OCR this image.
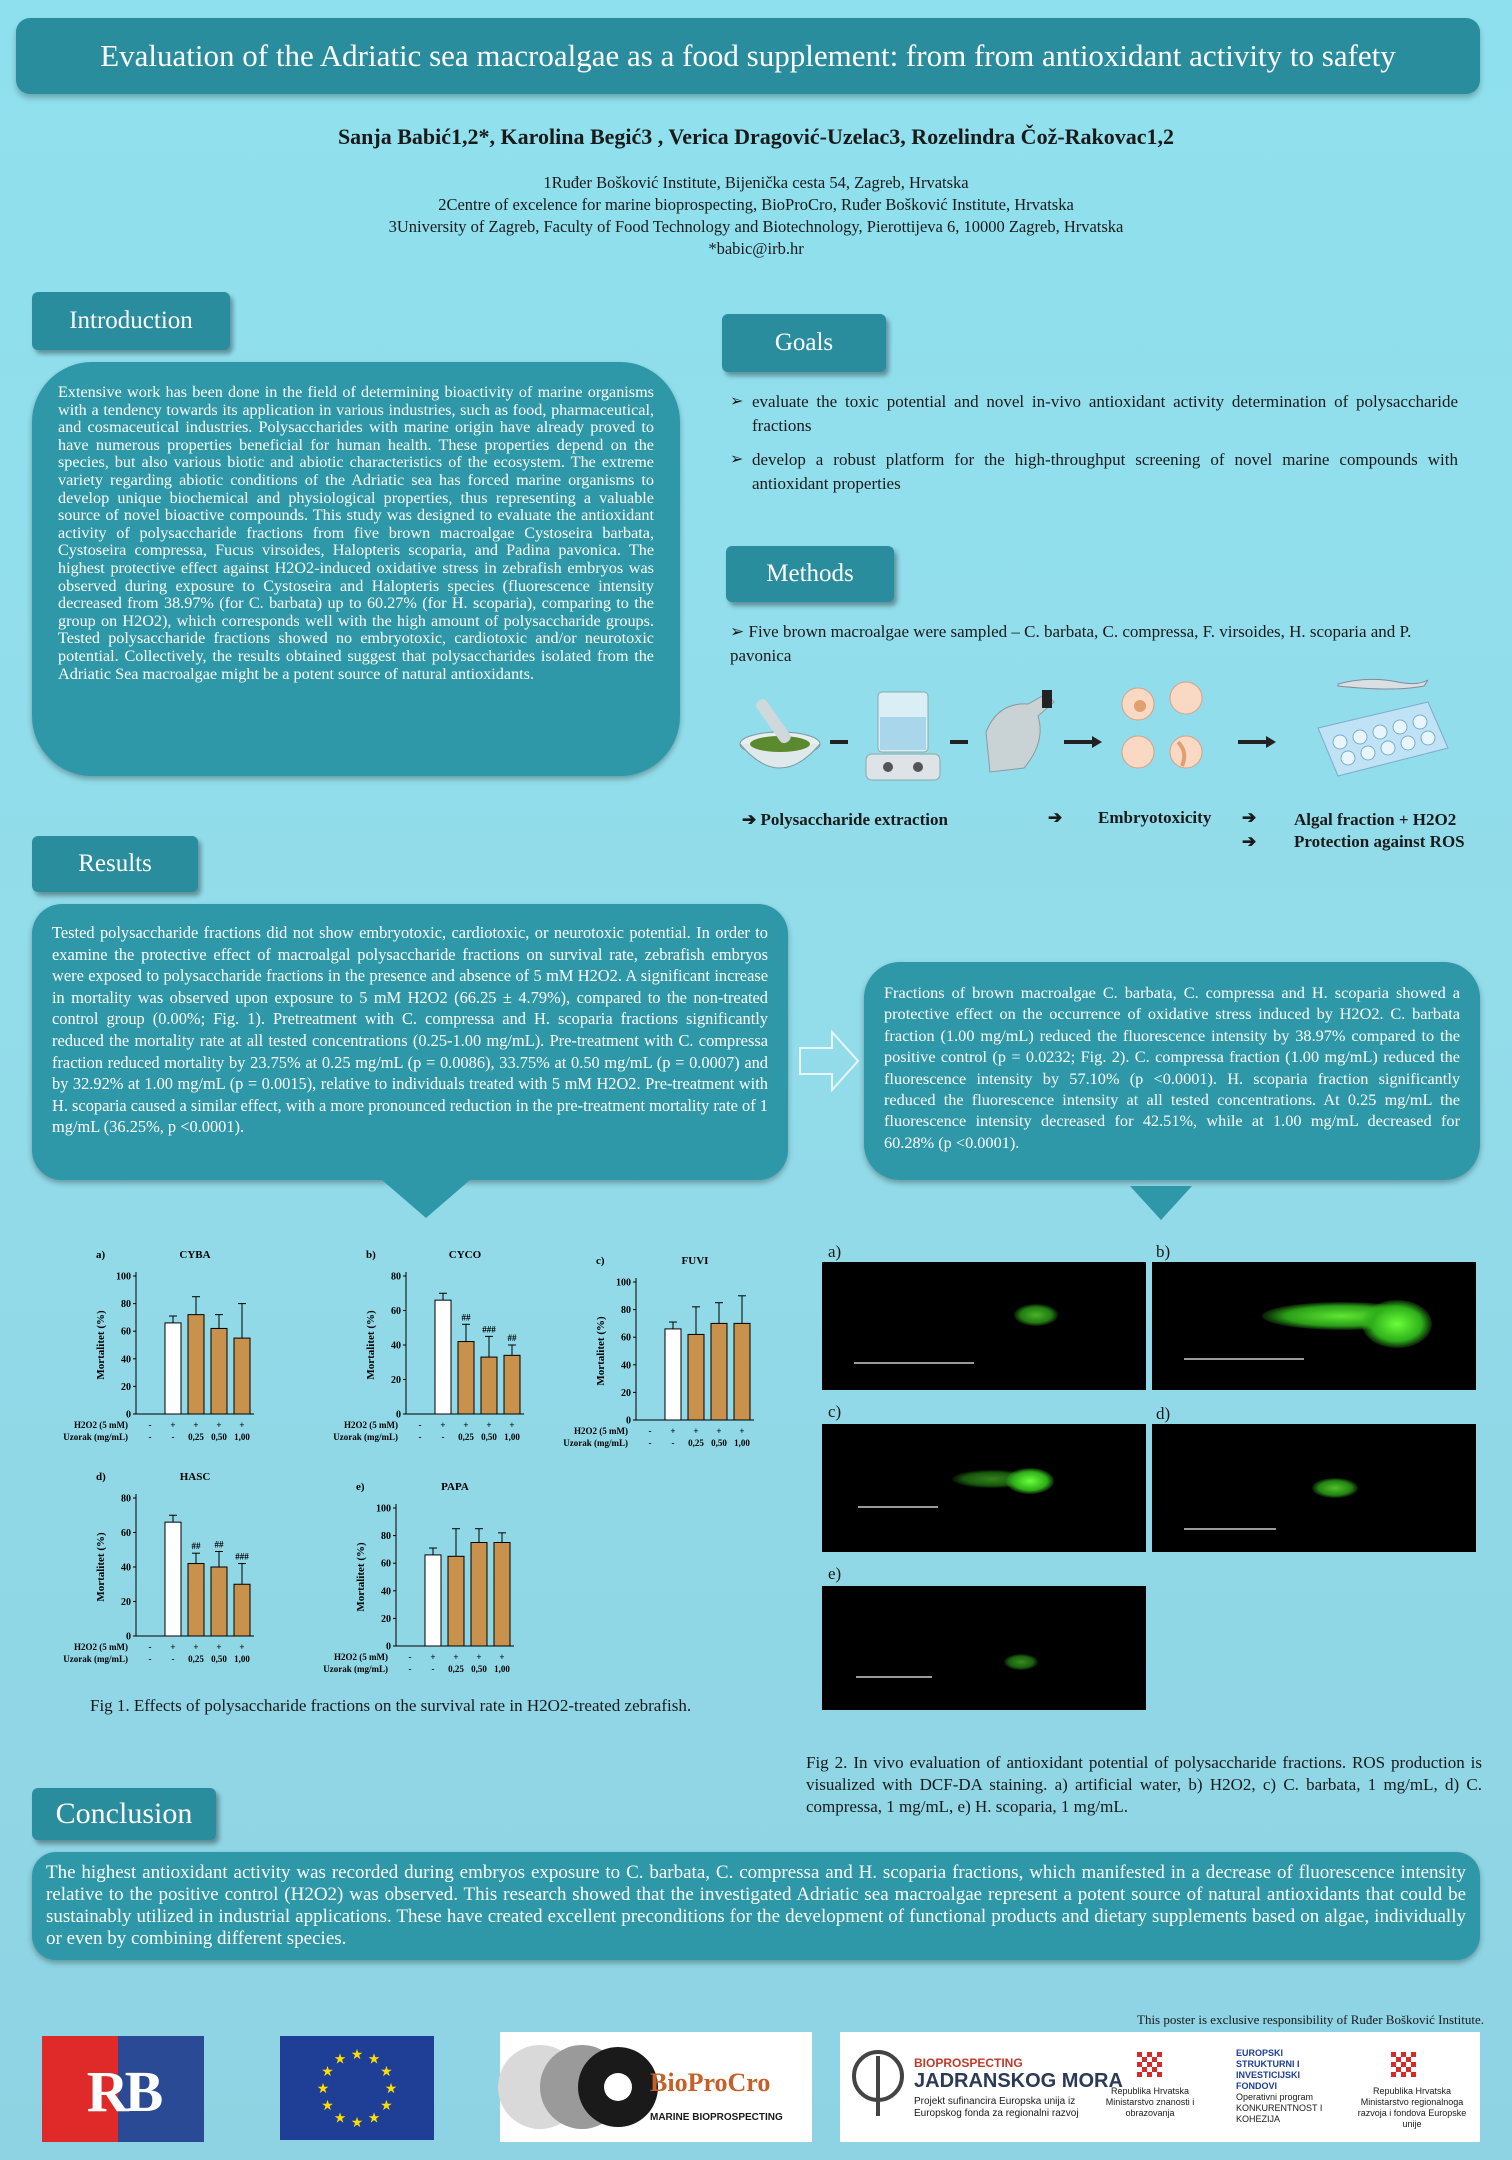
Evaluation of the Adriatic sea macroalgae as a food supplement: from from antioxidant activity to safety
Sanja Babić1,2*, Karolina Begić3 , Verica Dragović-Uzelac3, Rozelindra Čož-Rakovac1,2
1Ruđer Bošković Institute, Bijenička cesta 54, Zagreb, Hrvatska
2Centre of excelence for marine bioprospecting, BioProCro, Ruđer Bošković Institute, Hrvatska
3University of Zagreb, Faculty of Food Technology and Biotechnology, Pierottijeva 6, 10000 Zagreb, Hrvatska
*babic@irb.hr
Introduction
Extensive work has been done in the field of determining bioactivity of marine organisms with a tendency towards its application in various industries, such as food, pharmaceutical, and cosmaceutical industries. Polysaccharides with marine origin have already proved to have numerous properties beneficial for human health. These properties depend on the species, but also various biotic and abiotic characteristics of the ecosystem. The extreme variety regarding abiotic conditions of the Adriatic sea has forced marine organisms to develop unique biochemical and physiological properties, thus representing a valuable source of novel bioactive compounds. This study was designed to evaluate the antioxidant activity of polysaccharide fractions from five brown macroalgae Cystoseira barbata, Cystoseira compressa, Fucus virsoides, Halopteris scoparia, and Padina pavonica. The highest protective effect against H2O2-induced oxidative stress in zebrafish embryos was observed during exposure to Cystoseira and Halopteris species (fluorescence intensity decreased from 38.97% (for C. barbata) up to 60.27% (for H. scoparia), comparing to the group on H2O2), which corresponds well with the high amount of polysaccharide groups. Tested polysaccharide fractions showed no embryotoxic, cardiotoxic and/or neurotoxic potential. Collectively, the results obtained suggest that polysaccharides isolated from the Adriatic Sea macroalgae might be a potent source of natural antioxidants.
Goals
➢ evaluate the toxic potential and novel in-vivo antioxidant activity determination of polysaccharide fractions
➢ develop a robust platform for the high-throughput screening of novel marine compounds with antioxidant properties
Methods
➢ Five brown macroalgae were sampled – C. barbata, C. compressa, F. virsoides, H. scoparia and P. pavonica
➔ Polysaccharide extraction	➔ Embryotoxicity ➔ Algal fraction + H2O2
➔ Protection against ROS
Results
Tested polysaccharide fractions did not show embryotoxic, cardiotoxic, or neurotoxic potential. In order to examine the protective effect of macroalgal polysaccharide fractions on survival rate, zebrafish embryos were exposed to polysaccharide fractions in the presence and absence of 5 mM H2O2. A significant increase in mortality was observed upon exposure to 5 mM H2O2 (66.25 ± 4.79%), compared to the non-treated control group (0.00%; Fig. 1). Pretreatment with C. compressa and H. scoparia fractions significantly reduced the mortality rate at all tested concentrations (0.25-1.00 mg/mL). Pre-treatment with C. compressa fraction reduced mortality by 23.75% at 0.25 mg/mL (p = 0.0086), 33.75% at 0.50 mg/mL (p = 0.0007) and by 32.92% at 1.00 mg/mL (p = 0.0015), relative to individuals treated with 5 mM H2O2. Pre-treatment with H. scoparia caused a similar effect, with a more pronounced reduction in the pre-treatment mortality rate of 1 mg/mL (36.25%, p <0.0001).
Fractions of brown macroalgae C. barbata, C. compressa and H. scoparia showed a protective effect on the occurrence of oxidative stress induced by H2O2. C. barbata fraction (1.00 mg/mL) reduced the fluorescence intensity by 38.97% compared to the positive control (p = 0.0232; Fig. 2). C. compressa fraction (1.00 mg/mL) reduced the fluorescence intensity by 57.10% (p <0.0001). H. scoparia fraction significantly reduced the fluorescence intensity at all tested concentrations. At 0.25 mg/mL the fluorescence intensity decreased for 42.51%, while at 1.00 mg/mL decreased for 60.28% (p <0.0001).
a)	CYBA
Mortalitet (%)
0
20
40
60
80
100
-
-
+
-
+
0,25
+
0,50
+
1,00
H2O2 (5 mM)
Uzorak (mg/mL)
b)	CYCO
Mortalitet (%)
0
20
40
60
80
-
-
+
-
##
+
0,25
###
+
0,50
##
+
1,00
H2O2 (5 mM)
Uzorak (mg/mL)
c)	FUVI
Mortalitet (%)
0
20
40
60
80
100
-
-
+
-
+
0,25
+
0,50
+
1,00
H2O2 (5 mM)
Uzorak (mg/mL)
d)	HASC
Mortalitet (%)
0
20
40
60
80
-
-
+
-
##
+
0,25
##
+
0,50
###
+
1,00
H2O2 (5 mM)
Uzorak (mg/mL)
e)	PAPA
Mortalitet (%)
0
20
40
60
80
100
-
-
+
-
+
0,25
+
0,50
+
1,00
H2O2 (5 mM)
Uzorak (mg/mL)
Fig 1. Effects of polysaccharide fractions on the survival rate in H2O2-treated zebrafish.
a)	b)
c)	d)
e)
Fig 2. In vivo evaluation of antioxidant potential of polysaccharide fractions. ROS production is visualized with DCF-DA staining. a) artificial water, b) H2O2, c) C. barbata, 1 mg/mL, d) C. compressa, 1 mg/mL, e) H. scoparia, 1 mg/mL.
Conclusion
The highest antioxidant activity was recorded during embryos exposure to C. barbata, C. compressa and H. scoparia fractions, which manifested in a decrease of fluorescence intensity relative to the positive control (H2O2) was observed. This research showed that the investigated Adriatic sea macroalgae represent a potent source of natural antioxidants that could be sustainably utilized in industrial applications. These have created excellent preconditions for the development of functional products and dietary supplements based on algae, individually or even by combining different species.
This poster is exclusive responsibility of Ruđer Bošković Institute.
RB	★
★
★
★
★
★
★
★
★ ★ ★
★	BioProCro
MARINE BIOPROSPECTING
BIOPROSPECTING
JADRANSKOG MORA
Projekt sufinancira Europska unija iz Europskog fonda za regionalni razvoj
Republika Hrvatska Ministarstvo znanosti i obrazovanja
EUROPSKI STRUKTURNI I INVESTICIJSKI FONDOVI
Operativni program KONKURENTNOST I KOHEZIJA
Republika Hrvatska Ministarstvo regionalnoga razvoja i fondova Europske unije
